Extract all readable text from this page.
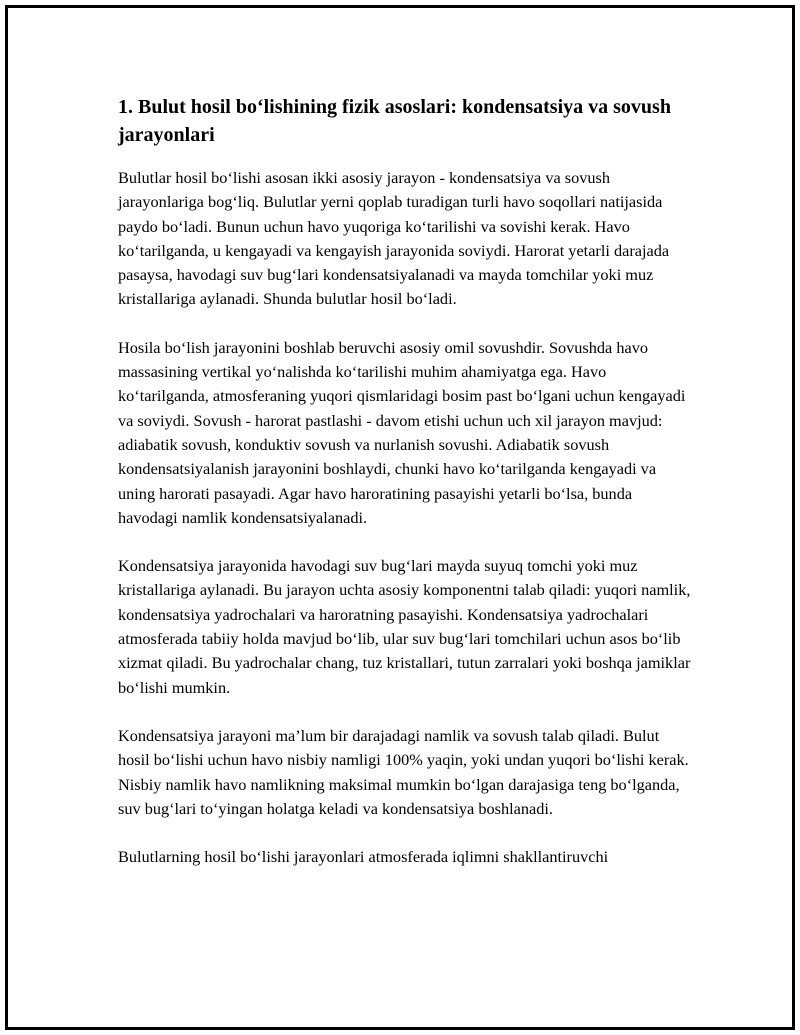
1. Bulut hosil bo‘lishining fizik asoslari: kondensatsiya va sovush jarayonlari

Bulutlar hosil bo‘lishi asosan ikki asosiy jarayon - kondensatsiya va sovush jarayonlariga bog‘liq. Bulutlar yerni qoplab turadigan turli havo soqollari natijasida paydo bo‘ladi. Bunun uchun havo yuqoriga ko‘tarilishi va sovishi kerak. Havo ko‘tarilganda, u kengayadi va kengayish jarayonida soviydi. Harorat yetarli darajada pasaysa, havodagi suv bug‘lari kondensatsiyalanadi va mayda tomchilar yoki muz kristallariga aylanadi. Shunda bulutlar hosil bo‘ladi.

Hosila bo‘lish jarayonini boshlab beruvchi asosiy omil sovushdir. Sovushda havo massasining vertikal yo‘nalishda ko‘tarilishi muhim ahamiyatga ega. Havo ko‘tarilganda, atmosferaning yuqori qismlaridagi bosim past bo‘lgani uchun kengayadi va soviydi. Sovush - harorat pastlashi - davom etishi uchun uch xil jarayon mavjud: adiabatik sovush, konduktiv sovush va nurlanish sovushi. Adiabatik sovush kondensatsiyalanish jarayonini boshlaydi, chunki havo ko‘tarilganda kengayadi va uning harorati pasayadi. Agar havo haroratining pasayishi yetarli bo‘lsa, bunda havodagi namlik kondensatsiyalanadi.

Kondensatsiya jarayonida havodagi suv bug‘lari mayda suyuq tomchi yoki muz kristallariga aylanadi. Bu jarayon uchta asosiy komponentni talab qiladi: yuqori namlik, kondensatsiya yadrochalari va haroratning pasayishi. Kondensatsiya yadrochalari atmosferada tabiiy holda mavjud bo‘lib, ular suv bug‘lari tomchilari uchun asos bo‘lib xizmat qiladi. Bu yadrochalar chang, tuz kristallari, tutun zarralari yoki boshqa jamiklar bo‘lishi mumkin.

Kondensatsiya jarayoni ma’lum bir darajadagi namlik va sovush talab qiladi. Bulut hosil bo‘lishi uchun havo nisbiy namligi 100% yaqin, yoki undan yuqori bo‘lishi kerak. Nisbiy namlik havo namlikning maksimal mumkin bo‘lgan darajasiga teng bo‘lganda, suv bug‘lari to‘yingan holatga keladi va kondensatsiya boshlanadi.

Bulutlarning hosil bo‘lishi jarayonlari atmosferada iqlimni shakllantiruvchi
